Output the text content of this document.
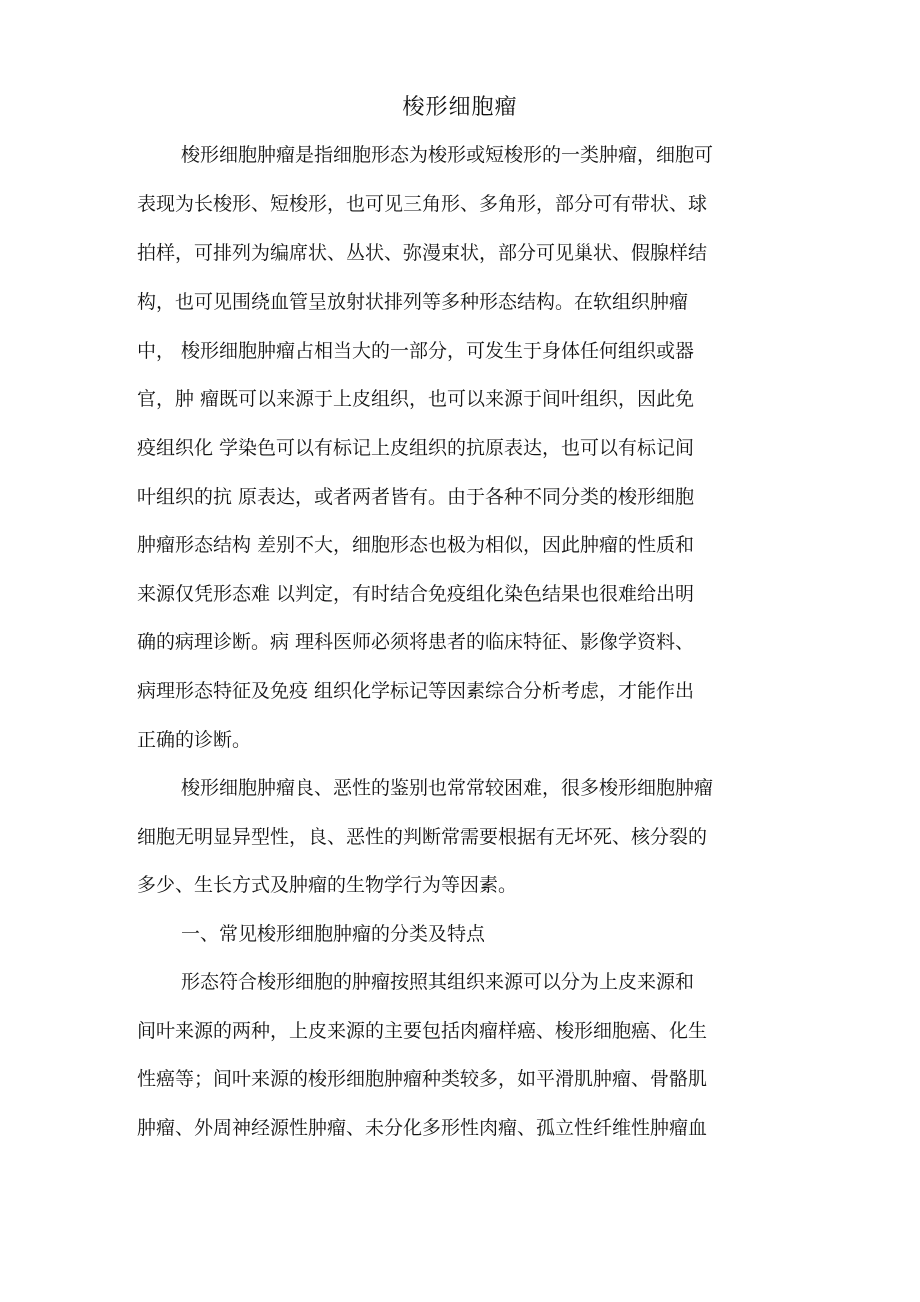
梭形细胞瘤
梭形细胞肿瘤是指细胞形态为梭形或短梭形的一类肿瘤，细胞可
表现为长梭形、短梭形，也可见三角形、多角形，部分可有带状、球
拍样，可排列为编席状、丛状、弥漫束状，部分可见巢状、假腺样结
构，也可见围绕血管呈放射状排列等多种形态结构。在软组织肿瘤
中， 梭形细胞肿瘤占相当大的一部分，可发生于身体任何组织或器
官，肿 瘤既可以来源于上皮组织，也可以来源于间叶组织，因此免
疫组织化 学染色可以有标记上皮组织的抗原表达，也可以有标记间
叶组织的抗 原表达，或者两者皆有。由于各种不同分类的梭形细胞
肿瘤形态结构 差别不大，细胞形态也极为相似，因此肿瘤的性质和
来源仅凭形态难 以判定，有时结合免疫组化染色结果也很难给出明
确的病理诊断。病 理科医师必须将患者的临床特征、影像学资料、
病理形态特征及免疫 组织化学标记等因素综合分析考虑，才能作出
正确的诊断。
梭形细胞肿瘤良、恶性的鉴别也常常较困难，很多梭形细胞肿瘤
细胞无明显异型性，良、恶性的判断常需要根据有无坏死、核分裂的
多少、生长方式及肿瘤的生物学行为等因素。
一、常见梭形细胞肿瘤的分类及特点
形态符合梭形细胞的肿瘤按照其组织来源可以分为上皮来源和
间叶来源的两种，上皮来源的主要包括肉瘤样癌、梭形细胞癌、化生
性癌等；间叶来源的梭形细胞肿瘤种类较多，如平滑肌肿瘤、骨骼肌
肿瘤、外周神经源性肿瘤、未分化多形性肉瘤、孤立性纤维性肿瘤血
